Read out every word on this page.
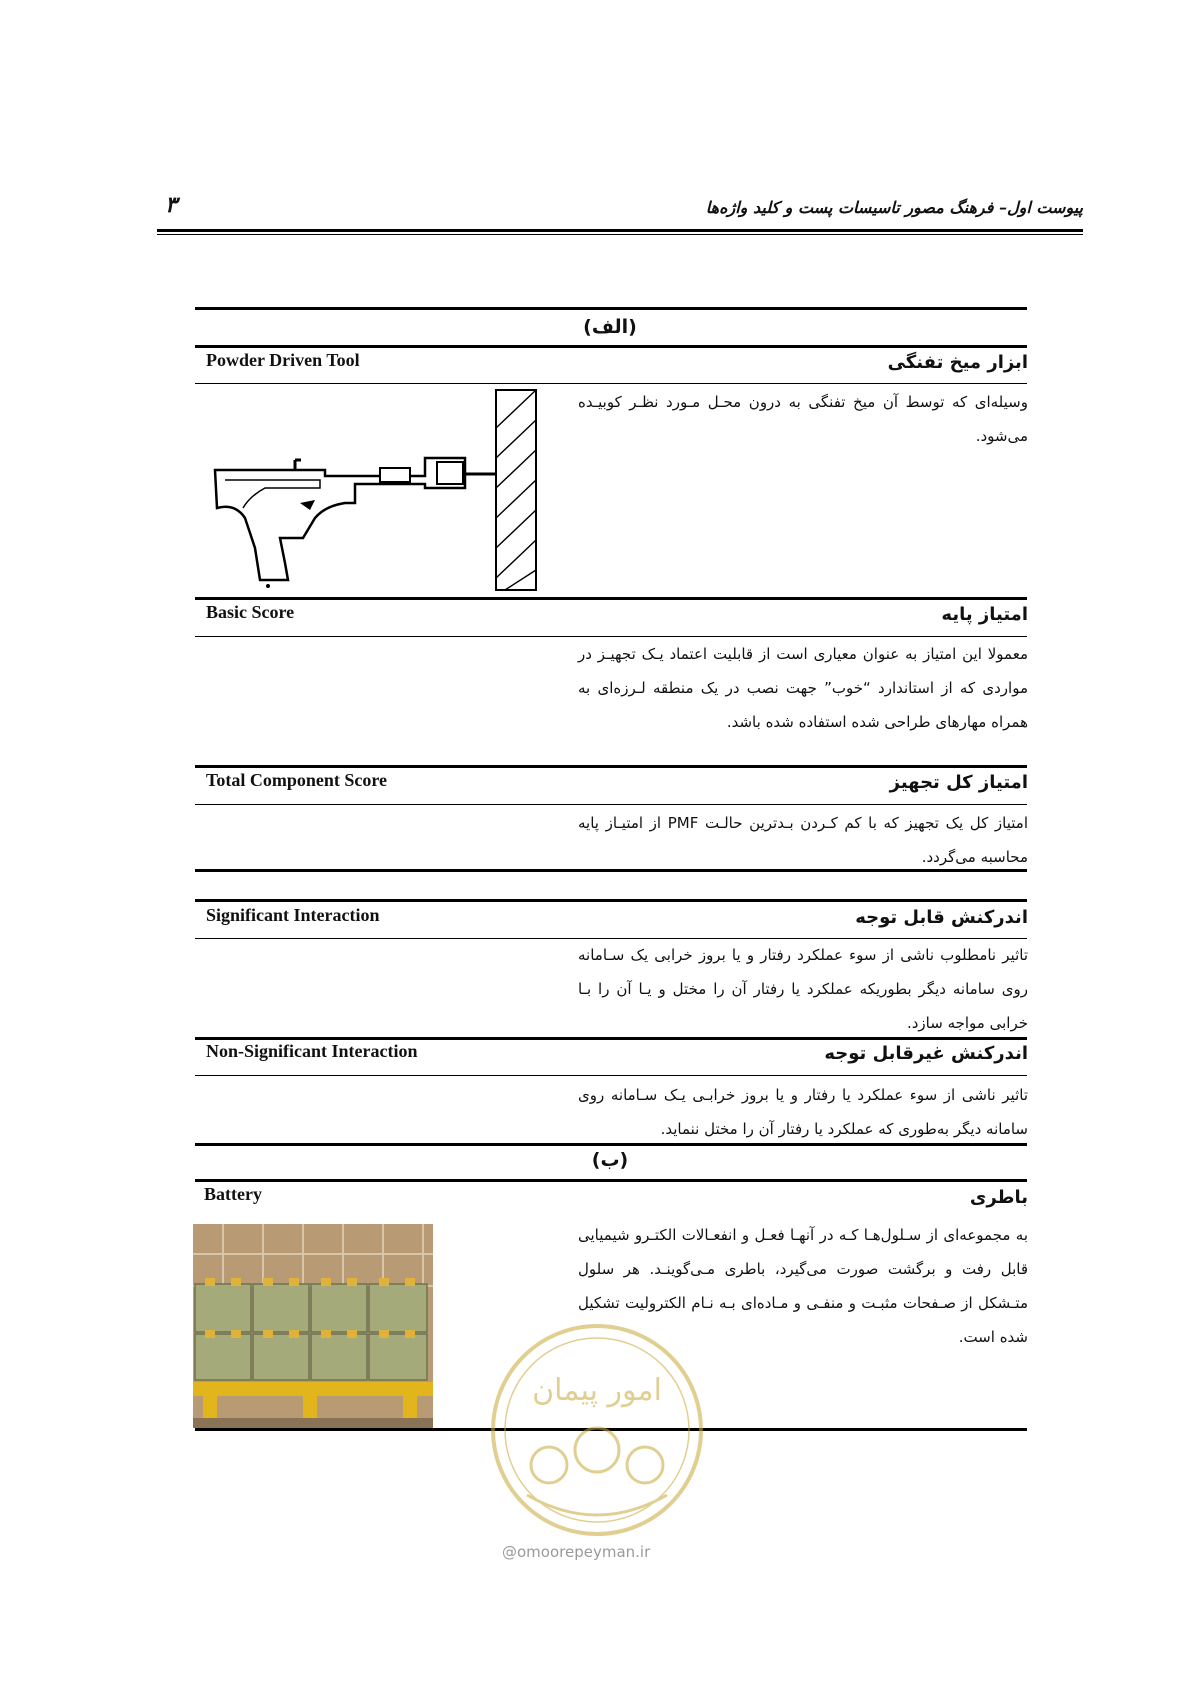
٣	پیوست اول– فرهنگ مصور تاسیسات پست و کلید واژه‌ها
(الف)
Powder Driven Tool	ابزار میخ تفنگی
وسیله‌ای که توسط آن میخ تفنگی به درون محـل مـورد نظـر کوبیـده می‌شود.
Basic Score	امتیاز پایه
معمولا این امتیاز به عنوان معیاری است از قابلیت اعتماد یـک تجهیـز در مواردی که از استاندارد “خوب” جهت نصب در یک منطقه لـرزه‌ای به همراه مهارهای طراحی شده استفاده شده باشد.
Total Component Score	امتیاز کل تجهیز
امتیاز کل یک تجهیز که با کم کـردن بـدترین حالـت PMF از امتیـاز پایه محاسبه می‌گردد.
Significant Interaction	اندرکنش قابل توجه
تاثیر نامطلوب ناشی از سوء عملکرد رفتار و یا بروز خرابی یک سـامانه روی سامانه دیگر بطوریکه عملکرد یا رفتار آن را مختل و یـا آن را بـا خرابی مواجه سازد.
Non-Significant Interaction	اندرکنش غیرقابل توجه
تاثیر ناشی از سوء عملکرد یا رفتار و یا بروز خرابـی یـک سـامانه روی سامانه دیگر به‌طوری که عملکرد یا رفتار آن را مختل ننماید.
(ب)
Battery	باطری
به مجموعه‌ای از سـلول‌هـا کـه در آنهـا فعـل و انفعـالات الکتـرو شیمیایی قابل رفت و برگشت صورت می‌گیرد، باطری مـی‌گوینـد. هر سلول متـشکل از صـفحات مثبـت و منفـی و مـاده‌ای بـه نـام الکترولیت تشکیل شده است.
امور پیمان
@omoorepeyman.ir
